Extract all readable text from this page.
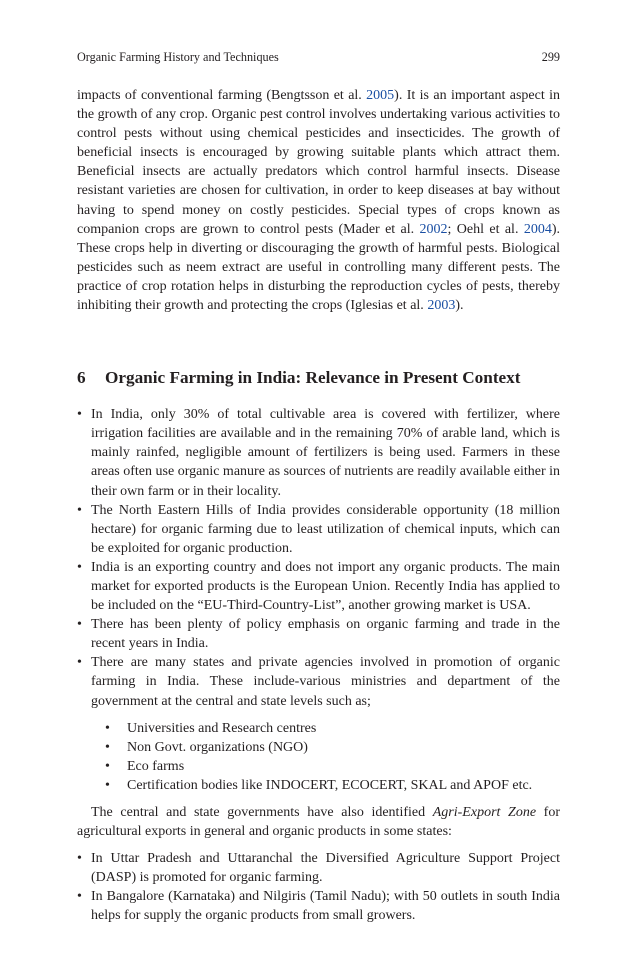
Organic Farming History and Techniques	299

impacts of conventional farming (Bengtsson et al. 2005). It is an important aspect in the growth of any crop. Organic pest control involves undertaking various activities to control pests without using chemical pesticides and insecticides. The growth of beneficial insects is encouraged by growing suitable plants which attract them. Beneficial insects are actually predators which control harmful insects. Disease resistant varieties are chosen for cultivation, in order to keep diseases at bay without having to spend money on costly pesticides. Special types of crops known as companion crops are grown to control pests (Mader et al. 2002; Oehl et al. 2004). These crops help in diverting or discouraging the growth of harmful pests. Biological pesticides such as neem extract are useful in controlling many different pests. The practice of crop rotation helps in disturbing the reproduction cycles of pests, thereby inhibiting their growth and protecting the crops (Iglesias et al. 2003).

6 Organic Farming in India: Relevance in Present Context
• In India, only 30% of total cultivable area is covered with fertilizer, where irrigation facilities are available and in the remaining 70% of arable land, which is mainly rainfed, negligible amount of fertilizers is being used. Farmers in these areas often use organic manure as sources of nutrients are readily available either in their own farm or in their locality.
• The North Eastern Hills of India provides considerable opportunity (18 million hectare) for organic farming due to least utilization of chemical inputs, which can be exploited for organic production.
• India is an exporting country and does not import any organic products. The main market for exported products is the European Union. Recently India has applied to be included on the “EU-Third-Country-List”, another growing market is USA.
• There has been plenty of policy emphasis on organic farming and trade in the recent years in India.
• There are many states and private agencies involved in promotion of organic farming in India. These include-various ministries and department of the government at the central and state levels such as;
• Universities and Research centres
• Non Govt. organizations (NGO)
• Eco farms
• Certification bodies like INDOCERT, ECOCERT, SKAL and APOF etc.

The central and state governments have also identified Agri-Export Zone for agricultural exports in general and organic products in some states:

• In Uttar Pradesh and Uttaranchal the Diversified Agriculture Support Project (DASP) is promoted for organic farming.
• In Bangalore (Karnataka) and Nilgiris (Tamil Nadu); with 50 outlets in south India helps for supply the organic products from small growers.
